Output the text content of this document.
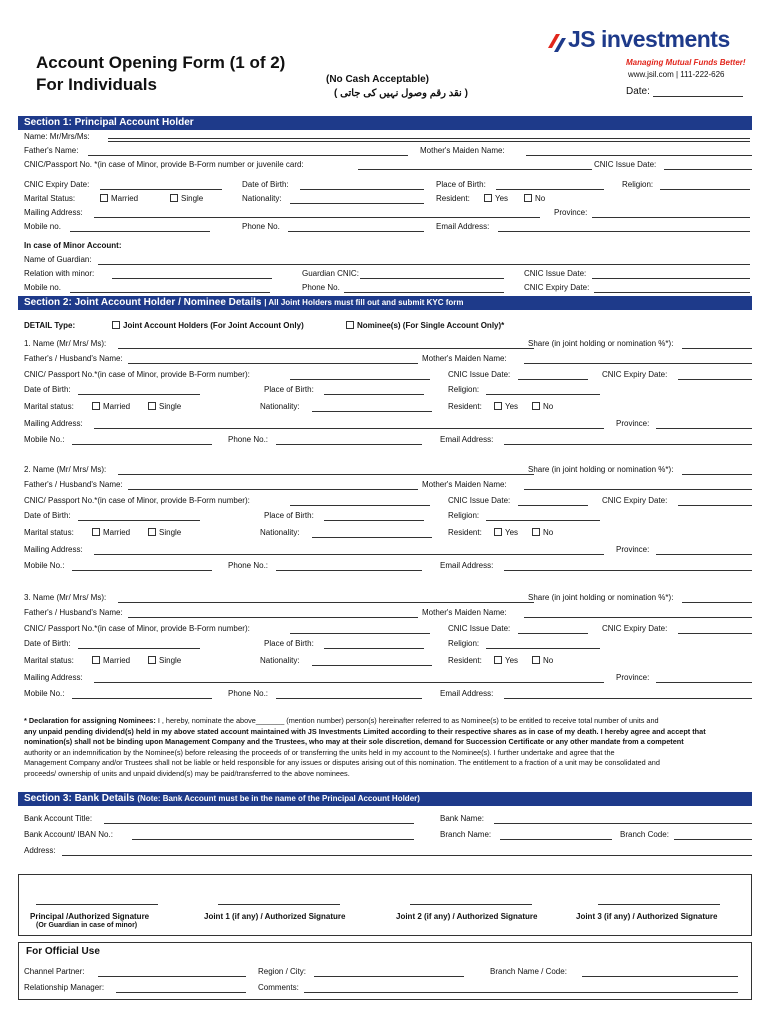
Account Opening Form (1 of 2)
For Individuals	(No Cash Acceptable)
( نقد رقم وصول نہیں کی جاتی )
JS investments
Managing Mutual Funds Better!
www.jsil.com | 111-222-626
Date:
Section 1: Principal Account Holder
Name: Mr/Mrs/Ms:
Father's Name:	Mother's Maiden Name:
CNIC/Passport No. *(in case of Minor, provide B-Form number or juvenile card:	CNIC Issue Date:
CNIC Expiry Date:	Date of Birth:	Place of Birth:	Religion:
Marital Status:	Married	Single	Nationality:	Resident:	Yes	No
Mailing Address:	Province:
Mobile no.	Phone No.	Email Address:
In case of Minor Account:
Name of Guardian:
Relation with minor:	Guardian CNIC:	CNIC Issue Date:
Mobile no.	Phone No.	CNIC Expiry Date:
Section 2: Joint Account Holder / Nominee Details | All Joint Holders must fill out and submit KYC form
DETAIL Type:	Joint Account Holders (For Joint Account Only)	Nominee(s) (For Single Account Only)*
1. Name (Mr/ Mrs/ Ms):	Share (in joint holding or nomination %*):
Father's / Husband's Name:	Mother's Maiden Name:
CNIC/ Passport No.*(in case of Minor, provide B-Form number):	CNIC Issue Date:	CNIC Expiry Date:
Date of Birth:	Place of Birth:	Religion:
Marital status:	Married	Single	Nationality:	Resident:	Yes	No
Mailing Address:	Province:
Mobile No.:	Phone No.:	Email Address:
2. Name (Mr/ Mrs/ Ms):	Share (in joint holding or nomination %*):
Father's / Husband's Name:	Mother's Maiden Name:
CNIC/ Passport No.*(in case of Minor, provide B-Form number):	CNIC Issue Date:	CNIC Expiry Date:
Date of Birth:	Place of Birth:	Religion:
Marital status:	Married	Single	Nationality:	Resident:	Yes	No
Mailing Address:	Province:
Mobile No.:	Phone No.:	Email Address:
3. Name (Mr/ Mrs/ Ms):	Share (in joint holding or nomination %*):
Father's / Husband's Name:	Mother's Maiden Name:
CNIC/ Passport No.*(in case of Minor, provide B-Form number):	CNIC Issue Date:	CNIC Expiry Date:
Date of Birth:	Place of Birth:	Religion:
Marital status:	Married	Single	Nationality:	Resident:	Yes	No
Mailing Address:	Province:
Mobile No.:	Phone No.:	Email Address:
* Declaration for assigning Nominees: I , hereby, nominate the above_______ (mention number) person(s) hereinafter referred to as Nominee(s) to be entitled to receive total number of units and
any unpaid pending dividend(s) held in my above stated account maintained with JS Investments Limited according to their respective shares as in case of my death. I hereby agree and accept that
nomination(s) shall not be binding upon Management Company and the Trustees, who may at their sole discretion, demand for Succession Certificate or any other mandate from a competent
authority or an indemnification by the Nominee(s) before releasing the proceeds of or transferring the units held in my account to the Nominee(s). I further undertake and agree that the
Management Company and/or Trustees shall not be liable or held responsible for any issues or disputes arising out of this nomination. The entitlement to a fraction of a unit may be consolidated and
proceeds/ ownership of units and unpaid dividend(s) may be paid/transferred to the above nominees.
Section 3: Bank Details (Note: Bank Account must be in the name of the Principal Account Holder)
Bank Account Title:	Bank Name:
Bank Account/ IBAN No.:	Branch Name:	Branch Code:
Address:
Principal /Authorized Signature
(Or Guardian in case of minor)
Joint 1 (if any) / Authorized Signature	Joint 2 (if any) / Authorized Signature	Joint 3 (if any) / Authorized Signature
For Official Use
Channel Partner:	Region / City:	Branch Name / Code:
Relationship Manager:	Comments:
